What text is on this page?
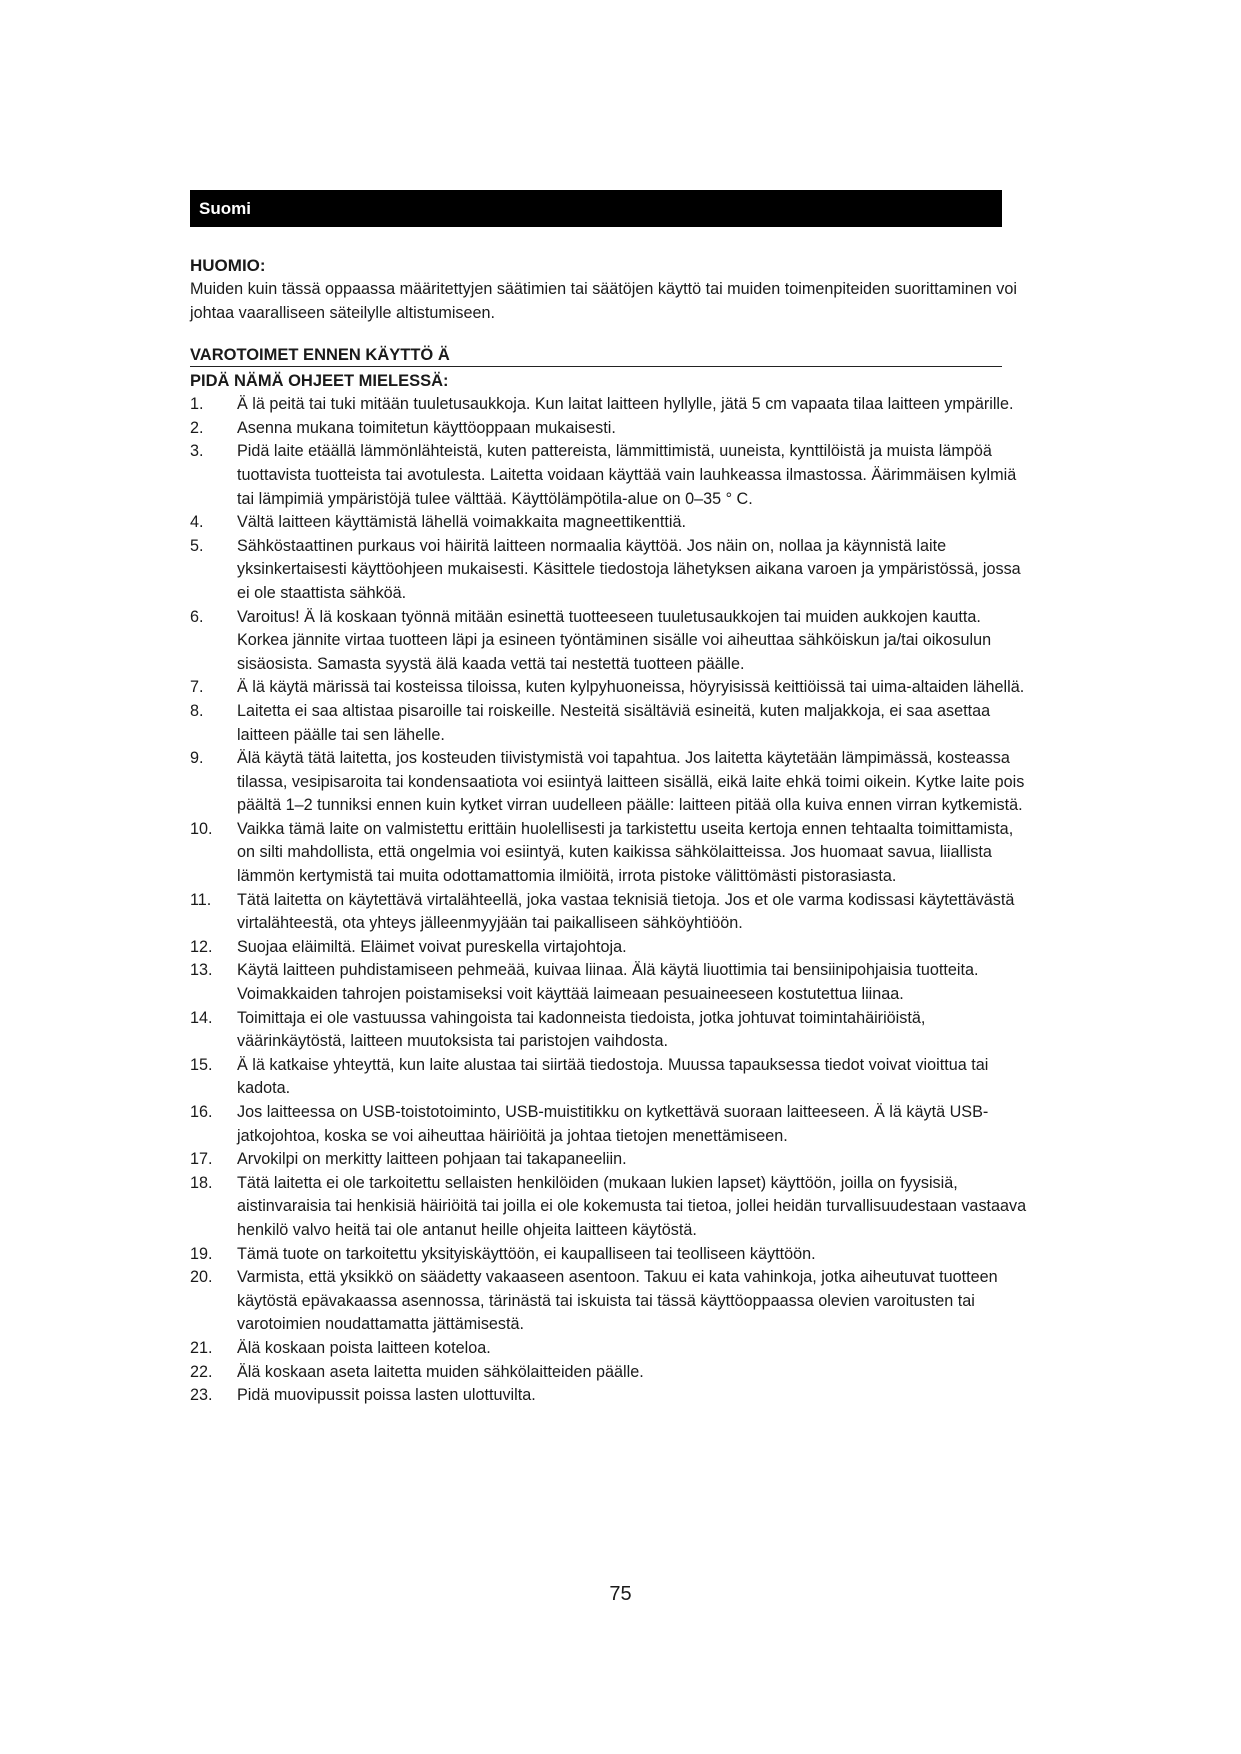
Suomi
HUOMIO:

Muiden kuin tässä oppaassa määritettyjen säätimien tai säätöjen käyttö tai muiden toimenpiteiden suorittaminen voi johtaa vaaralliseen säteilylle altistumiseen.

VAROTOIMET ENNEN KÄYTTÖ Ä
PIDÄ NÄMÄ OHJEET MIELESSÄ:
1. Ä lä peitä tai tuki mitään tuuletusaukkoja. Kun laitat laitteen hyllylle, jätä 5 cm vapaata tilaa laitteen ympärille.
2. Asenna mukana toimitetun käyttöoppaan mukaisesti.
3. Pidä laite etäällä lämmönlähteistä, kuten pattereista, lämmittimistä, uuneista, kynttilöistä ja muista lämpöä tuottavista tuotteista tai avotulesta. Laitetta voidaan käyttää vain lauhkeassa ilmastossa. Äärimmäisen kylmiä tai lämpimiä ympäristöjä tulee välttää. Käyttölämpötila-alue on 0–35 ° C.
4. Vältä laitteen käyttämistä lähellä voimakkaita magneettikenttiä.
5. Sähköstaattinen purkaus voi häiritä laitteen normaalia käyttöä. Jos näin on, nollaa ja käynnistä laite yksinkertaisesti käyttöohjeen mukaisesti. Käsittele tiedostoja lähetyksen aikana varoen ja ympäristössä, jossa ei ole staattista sähköä.
6. Varoitus! Ä lä koskaan työnnä mitään esinettä tuotteeseen tuuletusaukkojen tai muiden aukkojen kautta. Korkea jännite virtaa tuotteen läpi ja esineen työntäminen sisälle voi aiheuttaa sähköiskun ja/tai oikosulun sisäosista. Samasta syystä älä kaada vettä tai nestettä tuotteen päälle.
7. Ä lä käytä märissä tai kosteissa tiloissa, kuten kylpyhuoneissa, höyryisissä keittiöissä tai uima-altaiden lähellä.
8. Laitetta ei saa altistaa pisaroille tai roiskeille. Nesteitä sisältäviä esineitä, kuten maljakkoja, ei saa asettaa laitteen päälle tai sen lähelle.
9. Älä käytä tätä laitetta, jos kosteuden tiivistymistä voi tapahtua. Jos laitetta käytetään lämpimässä, kosteassa tilassa, vesipisaroita tai kondensaatiota voi esiintyä laitteen sisällä, eikä laite ehkä toimi oikein. Kytke laite pois päältä 1–2 tunniksi ennen kuin kytket virran uudelleen päälle: laitteen pitää olla kuiva ennen virran kytkemistä.
10. Vaikka tämä laite on valmistettu erittäin huolellisesti ja tarkistettu useita kertoja ennen tehtaalta toimittamista, on silti mahdollista, että ongelmia voi esiintyä, kuten kaikissa sähkölaitteissa. Jos huomaat savua, liiallista lämmön kertymistä tai muita odottamattomia ilmiöitä, irrota pistoke välittömästi pistorasiasta.
11. Tätä laitetta on käytettävä virtalähteellä, joka vastaa teknisiä tietoja. Jos et ole varma kodissasi käytettävästä virtalähteestä, ota yhteys jälleenmyyjään tai paikalliseen sähköyhtiöön.
12. Suojaa eläimiltä. Eläimet voivat pureskella virtajohtoja.
13. Käytä laitteen puhdistamiseen pehmeää, kuivaa liinaa. Älä käytä liuottimia tai bensiinipohjaisia tuotteita. Voimakkaiden tahrojen poistamiseksi voit käyttää laimeaan pesuaineeseen kostutettua liinaa.
14. Toimittaja ei ole vastuussa vahingoista tai kadonneista tiedoista, jotka johtuvat toimintahäiriöistä, väärinkäytöstä, laitteen muutoksista tai paristojen vaihdosta.
15. Ä lä katkaise yhteyttä, kun laite alustaa tai siirtää tiedostoja. Muussa tapauksessa tiedot voivat vioittua tai kadota.
16. Jos laitteessa on USB-toistotoiminto, USB-muistitikku on kytkettävä suoraan laitteeseen. Ä lä käytä USB-jatkojohtoa, koska se voi aiheuttaa häiriöitä ja johtaa tietojen menettämiseen.
17. Arvokilpi on merkitty laitteen pohjaan tai takapaneeliin.
18. Tätä laitetta ei ole tarkoitettu sellaisten henkilöiden (mukaan lukien lapset) käyttöön, joilla on fyysisiä, aistinvaraisia tai henkisiä häiriöitä tai joilla ei ole kokemusta tai tietoa, jollei heidän turvallisuudestaan vastaava henkilö valvo heitä tai ole antanut heille ohjeita laitteen käytöstä.
19. Tämä tuote on tarkoitettu yksityiskäyttöön, ei kaupalliseen tai teolliseen käyttöön.
20. Varmista, että yksikkö on säädetty vakaaseen asentoon. Takuu ei kata vahinkoja, jotka aiheutuvat tuotteen käytöstä epävakaassa asennossa, tärinästä tai iskuista tai tässä käyttöoppaassa olevien varoitusten tai varotoimien noudattamatta jättämisestä.
21. Älä koskaan poista laitteen koteloa.
22. Älä koskaan aseta laitetta muiden sähkölaitteiden päälle.
23. Pidä muovipussit poissa lasten ulottuvilta.
75
